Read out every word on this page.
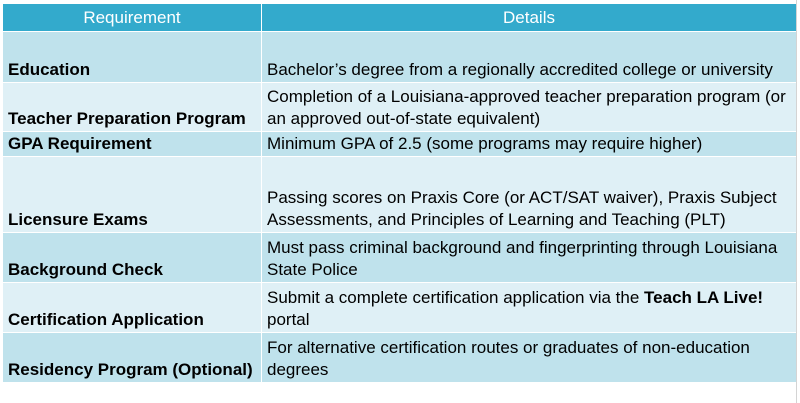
Requirement	Details
Education	Bachelor’s degree from a regionally accredited college or university
Teacher Preparation Program	Completion of a Louisiana-approved teacher preparation program (or an approved out-of-state equivalent)
GPA Requirement	Minimum GPA of 2.5 (some programs may require higher)
Licensure Exams	Passing scores on Praxis Core (or ACT/SAT waiver), Praxis Subject Assessments, and Principles of Learning and Teaching (PLT)
Background Check	Must pass criminal background and fingerprinting through Louisiana State Police
Certification Application	Submit a complete certification application via the Teach LA Live! portal
Residency Program (Optional)	For alternative certification routes or graduates of non-education degrees
